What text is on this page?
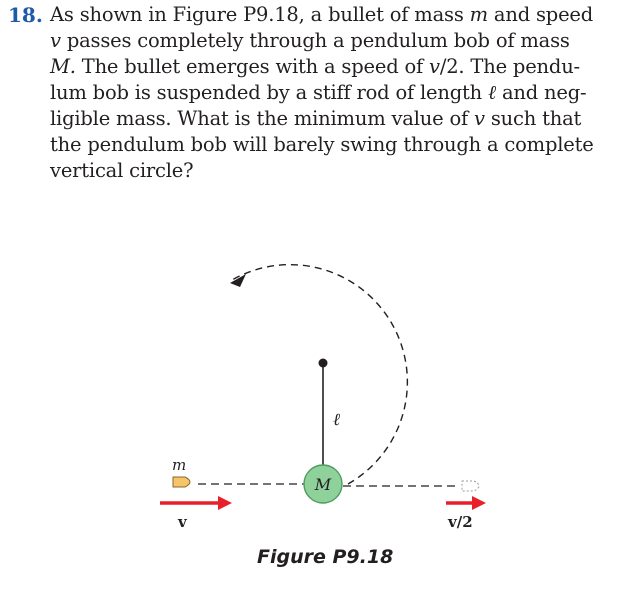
18. As shown in Figure P9.18, a bullet of mass m and speed
v passes completely through a pendulum bob of mass
M. The bullet emerges with a speed of v/2. The pendu-
lum bob is suspended by a stiff rod of length ℓ and neg-
ligible mass. What is the minimum value of v such that
the pendulum bob will barely swing through a complete
vertical circle?
ℓ
m
M
v	v/2
Figure P9.18
